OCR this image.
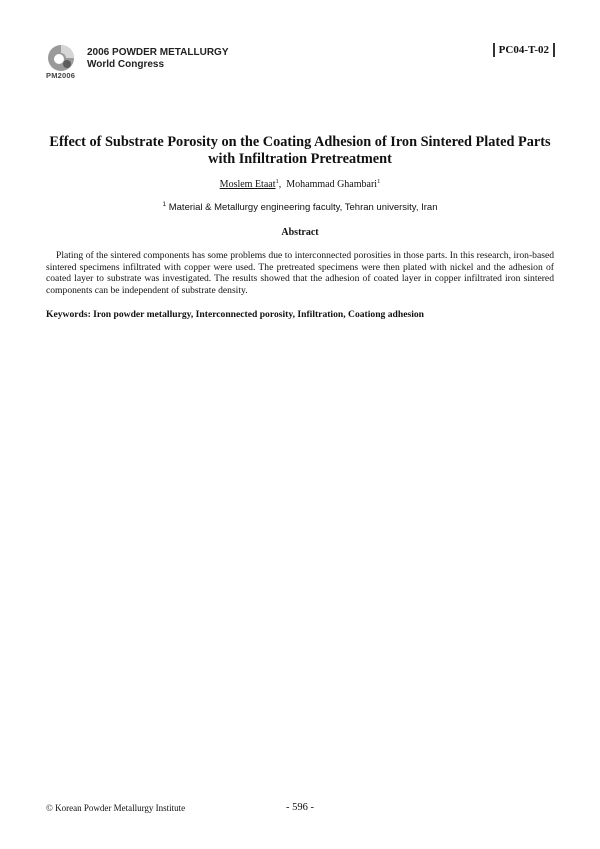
PM2006
2006 POWDER METALLURGY
World Congress
PC04-T-02
Effect of Substrate Porosity on the Coating Adhesion of Iron Sintered Plated Parts
with Infiltration Pretreatment
Moslem Etaat$^1$, Mohammad Ghambari$^1$
$^1$ Material & Metallurgy engineering faculty, Tehran university, Iran
Abstract

Plating of the sintered components has some problems due to interconnected porosities in those parts. In this research, iron-based sintered specimens infiltrated with copper were used. The pretreated specimens were then plated with nickel and the adhesion of coated layer to substrate was investigated. The results showed that the adhesion of coated layer in copper infiltrated iron sintered components can be independent of substrate density.

Keywords: Iron powder metallurgy, Interconnected porosity, Infiltration, Coationg adhesion
© Korean Powder Metallurgy Institute	- 596 -
